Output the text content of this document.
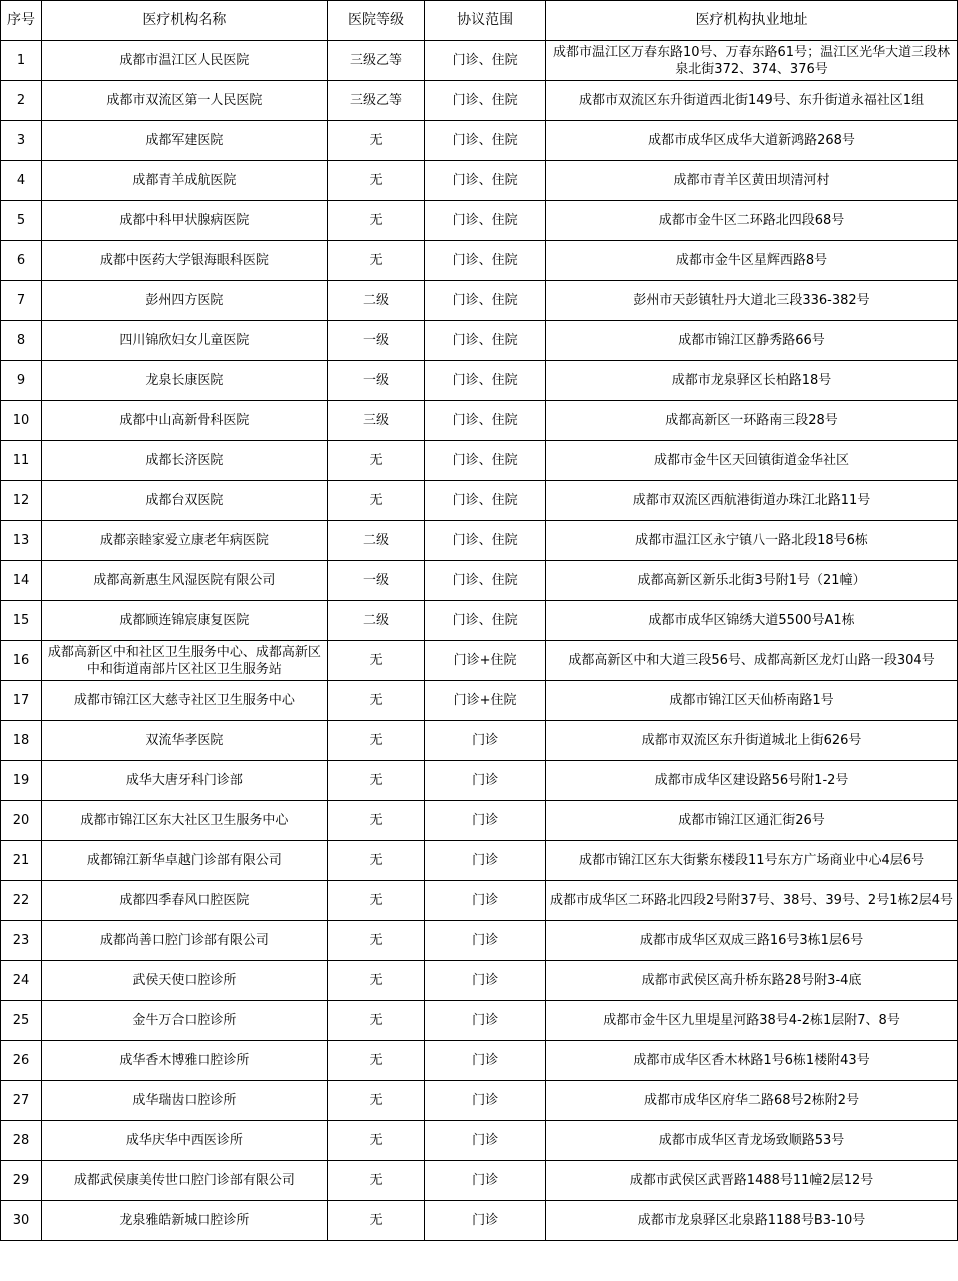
序号	医疗机构名称	医院等级	协议范围	医疗机构执业地址
1	成都市温江区人民医院	三级乙等	门诊、住院	成都市温江区万春东路10号、万春东路61号；温江区光华大道三段林泉北街372、374、376号
2	成都市双流区第一人民医院	三级乙等	门诊、住院	成都市双流区东升街道西北街149号、东升街道永福社区1组
3	成都军建医院	无	门诊、住院	成都市成华区成华大道新鸿路268号
4	成都青羊成航医院	无	门诊、住院	成都市青羊区黄田坝清河村
5	成都中科甲状腺病医院	无	门诊、住院	成都市金牛区二环路北四段68号
6	成都中医药大学银海眼科医院	无	门诊、住院	成都市金牛区星辉西路8号
7	彭州四方医院	二级	门诊、住院	彭州市天彭镇牡丹大道北三段336-382号
8	四川锦欣妇女儿童医院	一级	门诊、住院	成都市锦江区静秀路66号
9	龙泉长康医院	一级	门诊、住院	成都市龙泉驿区长柏路18号
10	成都中山高新骨科医院	三级	门诊、住院	成都高新区一环路南三段28号
11	成都长济医院	无	门诊、住院	成都市金牛区天回镇街道金华社区
12	成都台双医院	无	门诊、住院	成都市双流区西航港街道办珠江北路11号
13	成都亲睦家爱立康老年病医院	二级	门诊、住院	成都市温江区永宁镇八一路北段18号6栋
14	成都高新惠生风湿医院有限公司	一级	门诊、住院	成都高新区新乐北街3号附1号（21幢）
15	成都顾连锦宸康复医院	二级	门诊、住院	成都市成华区锦绣大道5500号A1栋
16	成都高新区中和社区卫生服务中心、成都高新区中和街道南部片区社区卫生服务站	无	门诊+住院	成都高新区中和大道三段56号、成都高新区龙灯山路一段304号
17	成都市锦江区大慈寺社区卫生服务中心	无	门诊+住院	成都市锦江区天仙桥南路1号
18	双流华孝医院	无	门诊	成都市双流区东升街道城北上街626号
19	成华大唐牙科门诊部	无	门诊	成都市成华区建设路56号附1-2号
20	成都市锦江区东大社区卫生服务中心	无	门诊	成都市锦江区通汇街26号
21	成都锦江新华卓越门诊部有限公司	无	门诊	成都市锦江区东大街紫东楼段11号东方广场商业中心4层6号
22	成都四季春风口腔医院	无	门诊	成都市成华区二环路北四段2号附37号、38号、39号、2号1栋2层4号
23	成都尚善口腔门诊部有限公司	无	门诊	成都市成华区双成三路16号3栋1层6号
24	武侯天使口腔诊所	无	门诊	成都市武侯区高升桥东路28号附3-4底
25	金牛万合口腔诊所	无	门诊	成都市金牛区九里堤星河路38号4-2栋1层附7、8号
26	成华香木博雅口腔诊所	无	门诊	成都市成华区香木林路1号6栋1楼附43号
27	成华瑞齿口腔诊所	无	门诊	成都市成华区府华二路68号2栋附2号
28	成华庆华中西医诊所	无	门诊	成都市成华区青龙场致顺路53号
29	成都武侯康美传世口腔门诊部有限公司	无	门诊	成都市武侯区武晋路1488号11幢2层12号
30	龙泉雅皓新城口腔诊所	无	门诊	成都市龙泉驿区北泉路1188号B3-10号
